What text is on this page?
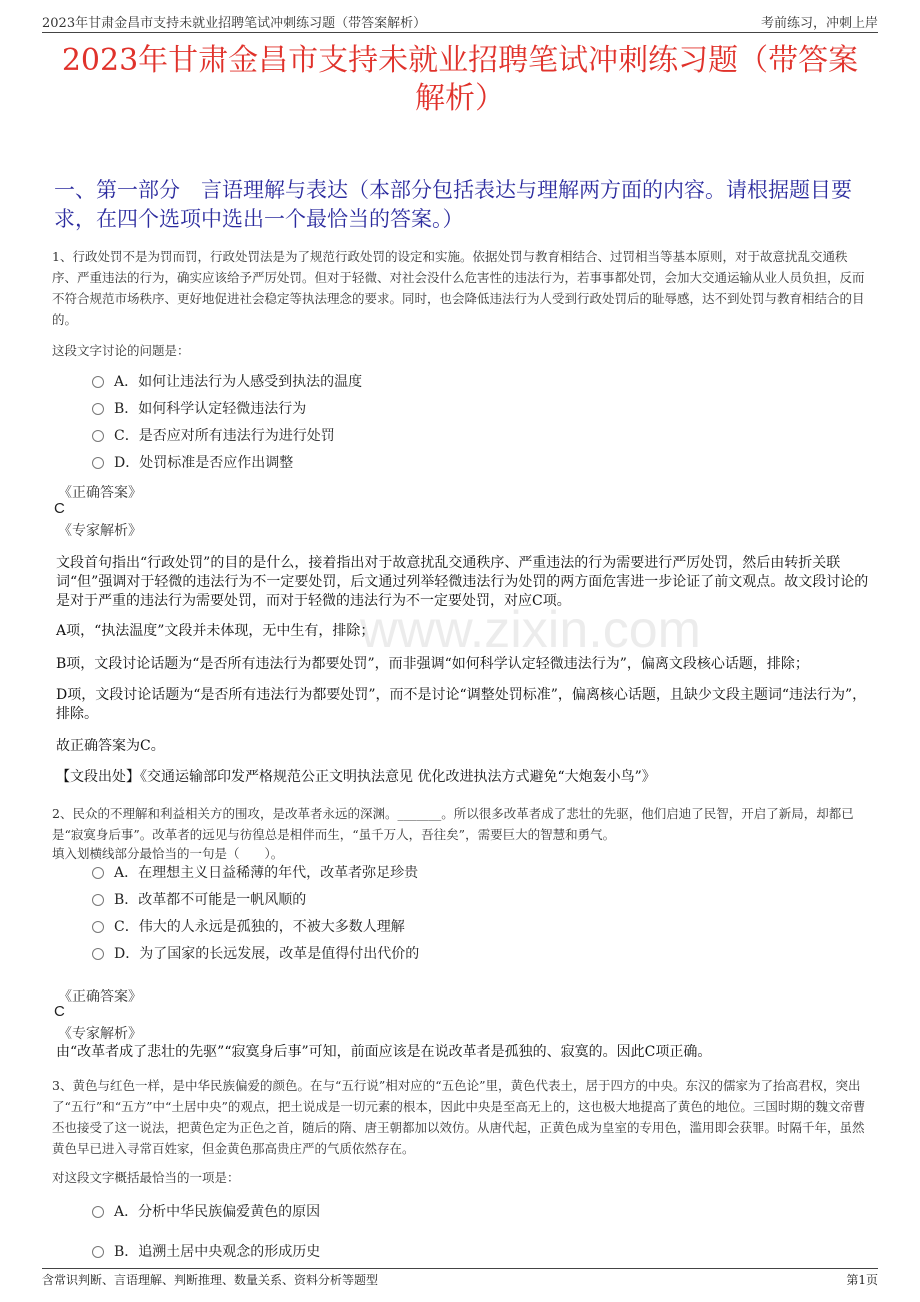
2023年甘肃金昌市支持未就业招聘笔试冲刺练习题（带答案解析）	考前练习，冲刺上岸
2023年甘肃金昌市支持未就业招聘笔试冲刺练习题（带答案解析）
一、第一部分　言语理解与表达（本部分包括表达与理解两方面的内容。请根据题目要求，在四个选项中选出一个最恰当的答案。）
www.zixin.com
1、行政处罚不是为罚而罚，行政处罚法是为了规范行政处罚的设定和实施。依据处罚与教育相结合、过罚相当等基本原则，对于故意扰乱交通秩序、严重违法的行为，确实应该给予严厉处罚。但对于轻微、对社会没什么危害性的违法行为，若事事都处罚，会加大交通运输从业人员负担，反而不符合规范市场秩序、更好地促进社会稳定等执法理念的要求。同时，也会降低违法行为人受到行政处罚后的耻辱感，达不到处罚与教育相结合的目的。
这段文字讨论的问题是：
A．如何让违法行为人感受到执法的温度
B．如何科学认定轻微违法行为
C．是否应对所有违法行为进行处罚
D．处罚标准是否应作出调整
《正确答案》
C
《专家解析》
文段首句指出“行政处罚”的目的是什么，接着指出对于故意扰乱交通秩序、严重违法的行为需要进行严厉处罚，然后由转折关联词“但”强调对于轻微的违法行为不一定要处罚，后文通过列举轻微违法行为处罚的两方面危害进一步论证了前文观点。故文段讨论的是对于严重的违法行为需要处罚，而对于轻微的违法行为不一定要处罚，对应C项。
A项，“执法温度”文段并未体现，无中生有，排除；
B项，文段讨论话题为“是否所有违法行为都要处罚”，而非强调“如何科学认定轻微违法行为”，偏离文段核心话题，排除；
D项，文段讨论话题为“是否所有违法行为都要处罚”，而不是讨论“调整处罚标准”，偏离核心话题，且缺少文段主题词“违法行为”，排除。
故正确答案为C。
【文段出处】《交通运输部印发严格规范公正文明执法意见 优化改进执法方式避免“大炮轰小鸟”》
2、民众的不理解和利益相关方的围攻，是改革者永远的深渊。_______。所以很多改革者成了悲壮的先驱，他们启迪了民智，开启了新局，却都已是“寂寞身后事”。改革者的远见与彷徨总是相伴而生，“虽千万人，吾往矣”，需要巨大的智慧和勇气。
填入划横线部分最恰当的一句是（　　）。
A．在理想主义日益稀薄的年代，改革者弥足珍贵
B．改革都不可能是一帆风顺的
C．伟大的人永远是孤独的，不被大多数人理解
D．为了国家的长远发展，改革是值得付出代价的
《正确答案》
C
《专家解析》
由“改革者成了悲壮的先驱”“寂寞身后事”可知，前面应该是在说改革者是孤独的、寂寞的。因此C项正确。
3、黄色与红色一样，是中华民族偏爱的颜色。在与“五行说”相对应的“五色论”里，黄色代表土，居于四方的中央。东汉的儒家为了抬高君权，突出了“五行”和“五方”中“土居中央”的观点，把土说成是一切元素的根本，因此中央是至高无上的，这也极大地提高了黄色的地位。三国时期的魏文帝曹丕也接受了这一说法，把黄色定为正色之首，随后的隋、唐王朝都加以效仿。从唐代起，正黄色成为皇室的专用色，滥用即会获罪。时隔千年，虽然黄色早已进入寻常百姓家，但金黄色那高贵庄严的气质依然存在。
对这段文字概括最恰当的一项是：
A．分析中华民族偏爱黄色的原因
B．追溯土居中央观念的形成历史
含常识判断、言语理解、判断推理、数量关系、资料分析等题型	第1页
